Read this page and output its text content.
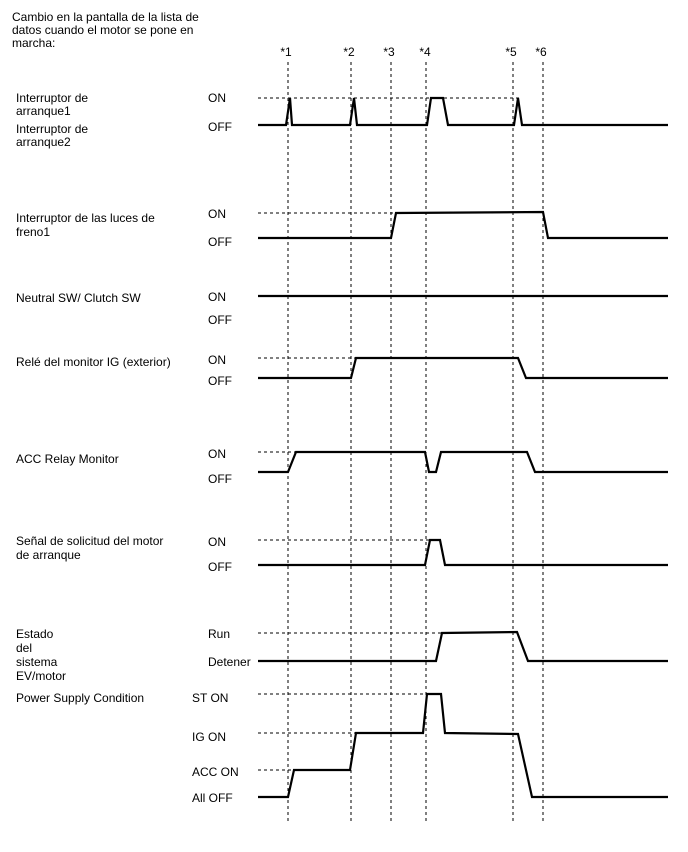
Cambio en la pantalla de la lista de
datos cuando el motor se pone en
marcha:
*1	*2 *3 *4	*5 *6
Interruptor de
arranque1
Interruptor de
arranque2
ON
OFF
Interruptor de las luces de
freno1
ON
OFF
Neutral SW/ Clutch SW	ON
OFF
Relé del monitor IG (exterior)	ON
OFF
ACC Relay Monitor	ON
OFF
Señal de solicitud del motor
de arranque
ON
OFF
Estado
del
sistema
EV/motor
Run
Detener
Power Supply Condition	ST ON
IG ON
ACC ON
All OFF
